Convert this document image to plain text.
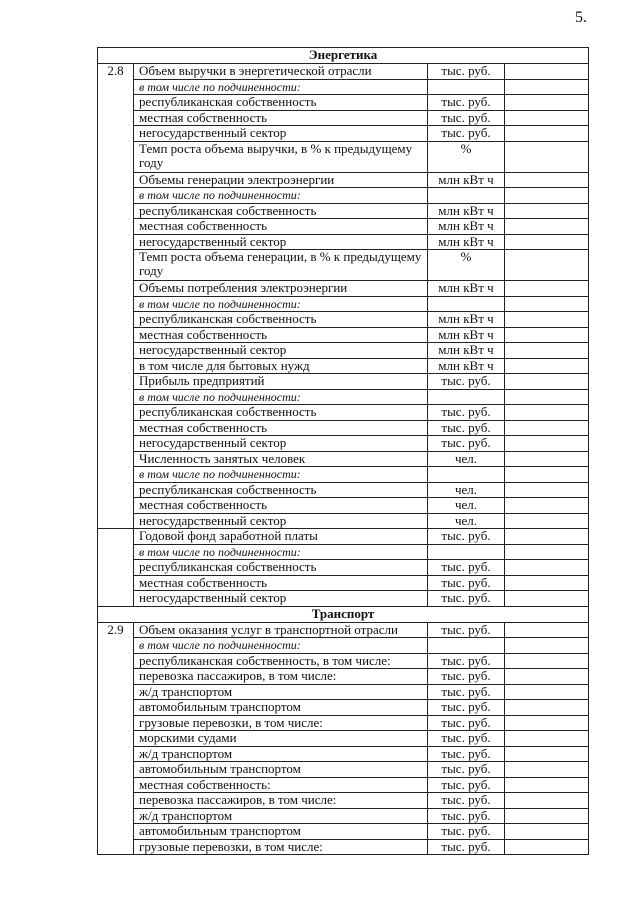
5.
Энергетика			
2.8	Объем выручки в энергетической отрасли	тыс. руб.	
	в том числе по подчиненности:		
	республиканская собственность	тыс. руб.	
	местная собственность	тыс. руб.	
	негосударственный сектор	тыс. руб.	
	Темп роста объема выручки, в % к предыдущему году	%	
	Объемы генерации электроэнергии	млн кВт ч	
	в том числе по подчиненности:		
	республиканская собственность	млн кВт ч	
	местная собственность	млн кВт ч	
	негосударственный сектор	млн кВт ч	
	Темп роста объема генерации, в % к предыдущему году	%	
	Объемы потребления электроэнергии	млн кВт ч	
	в том числе по подчиненности:		
	республиканская собственность	млн кВт ч	
	местная собственность	млн кВт ч	
	негосударственный сектор	млн кВт ч	
	в том числе для бытовых нужд	млн кВт ч	
	Прибыль предприятий	тыс. руб.	
	в том числе по подчиненности:		
	республиканская собственность	тыс. руб.	
	местная собственность	тыс. руб.	
	негосударственный сектор	тыс. руб.	
	Численность занятых человек	чел.	
	в том числе по подчиненности:		
	республиканская собственность	чел.	
	местная собственность	чел.	
	негосударственный сектор	чел.	
	Годовой фонд заработной платы	тыс. руб.	
	в том числе по подчиненности:		
	республиканская собственность	тыс. руб.	
	местная собственность	тыс. руб.	
	негосударственный сектор	тыс. руб.	
Транспорт			
2.9	Объем оказания услуг в транспортной отрасли	тыс. руб.	
	в том числе по подчиненности:		
	республиканская собственность, в том числе:	тыс. руб.	
	перевозка пассажиров, в том числе:	тыс. руб.	
	ж/д транспортом	тыс. руб.	
	автомобильным транспортом	тыс. руб.	
	грузовые перевозки, в том числе:	тыс. руб.	
	морскими судами	тыс. руб.	
	ж/д транспортом	тыс. руб.	
	автомобильным транспортом	тыс. руб.	
	местная собственность:	тыс. руб.	
	перевозка пассажиров, в том числе:	тыс. руб.	
	ж/д транспортом	тыс. руб.	
	автомобильным транспортом	тыс. руб.	
	грузовые перевозки, в том числе:	тыс. руб.	
